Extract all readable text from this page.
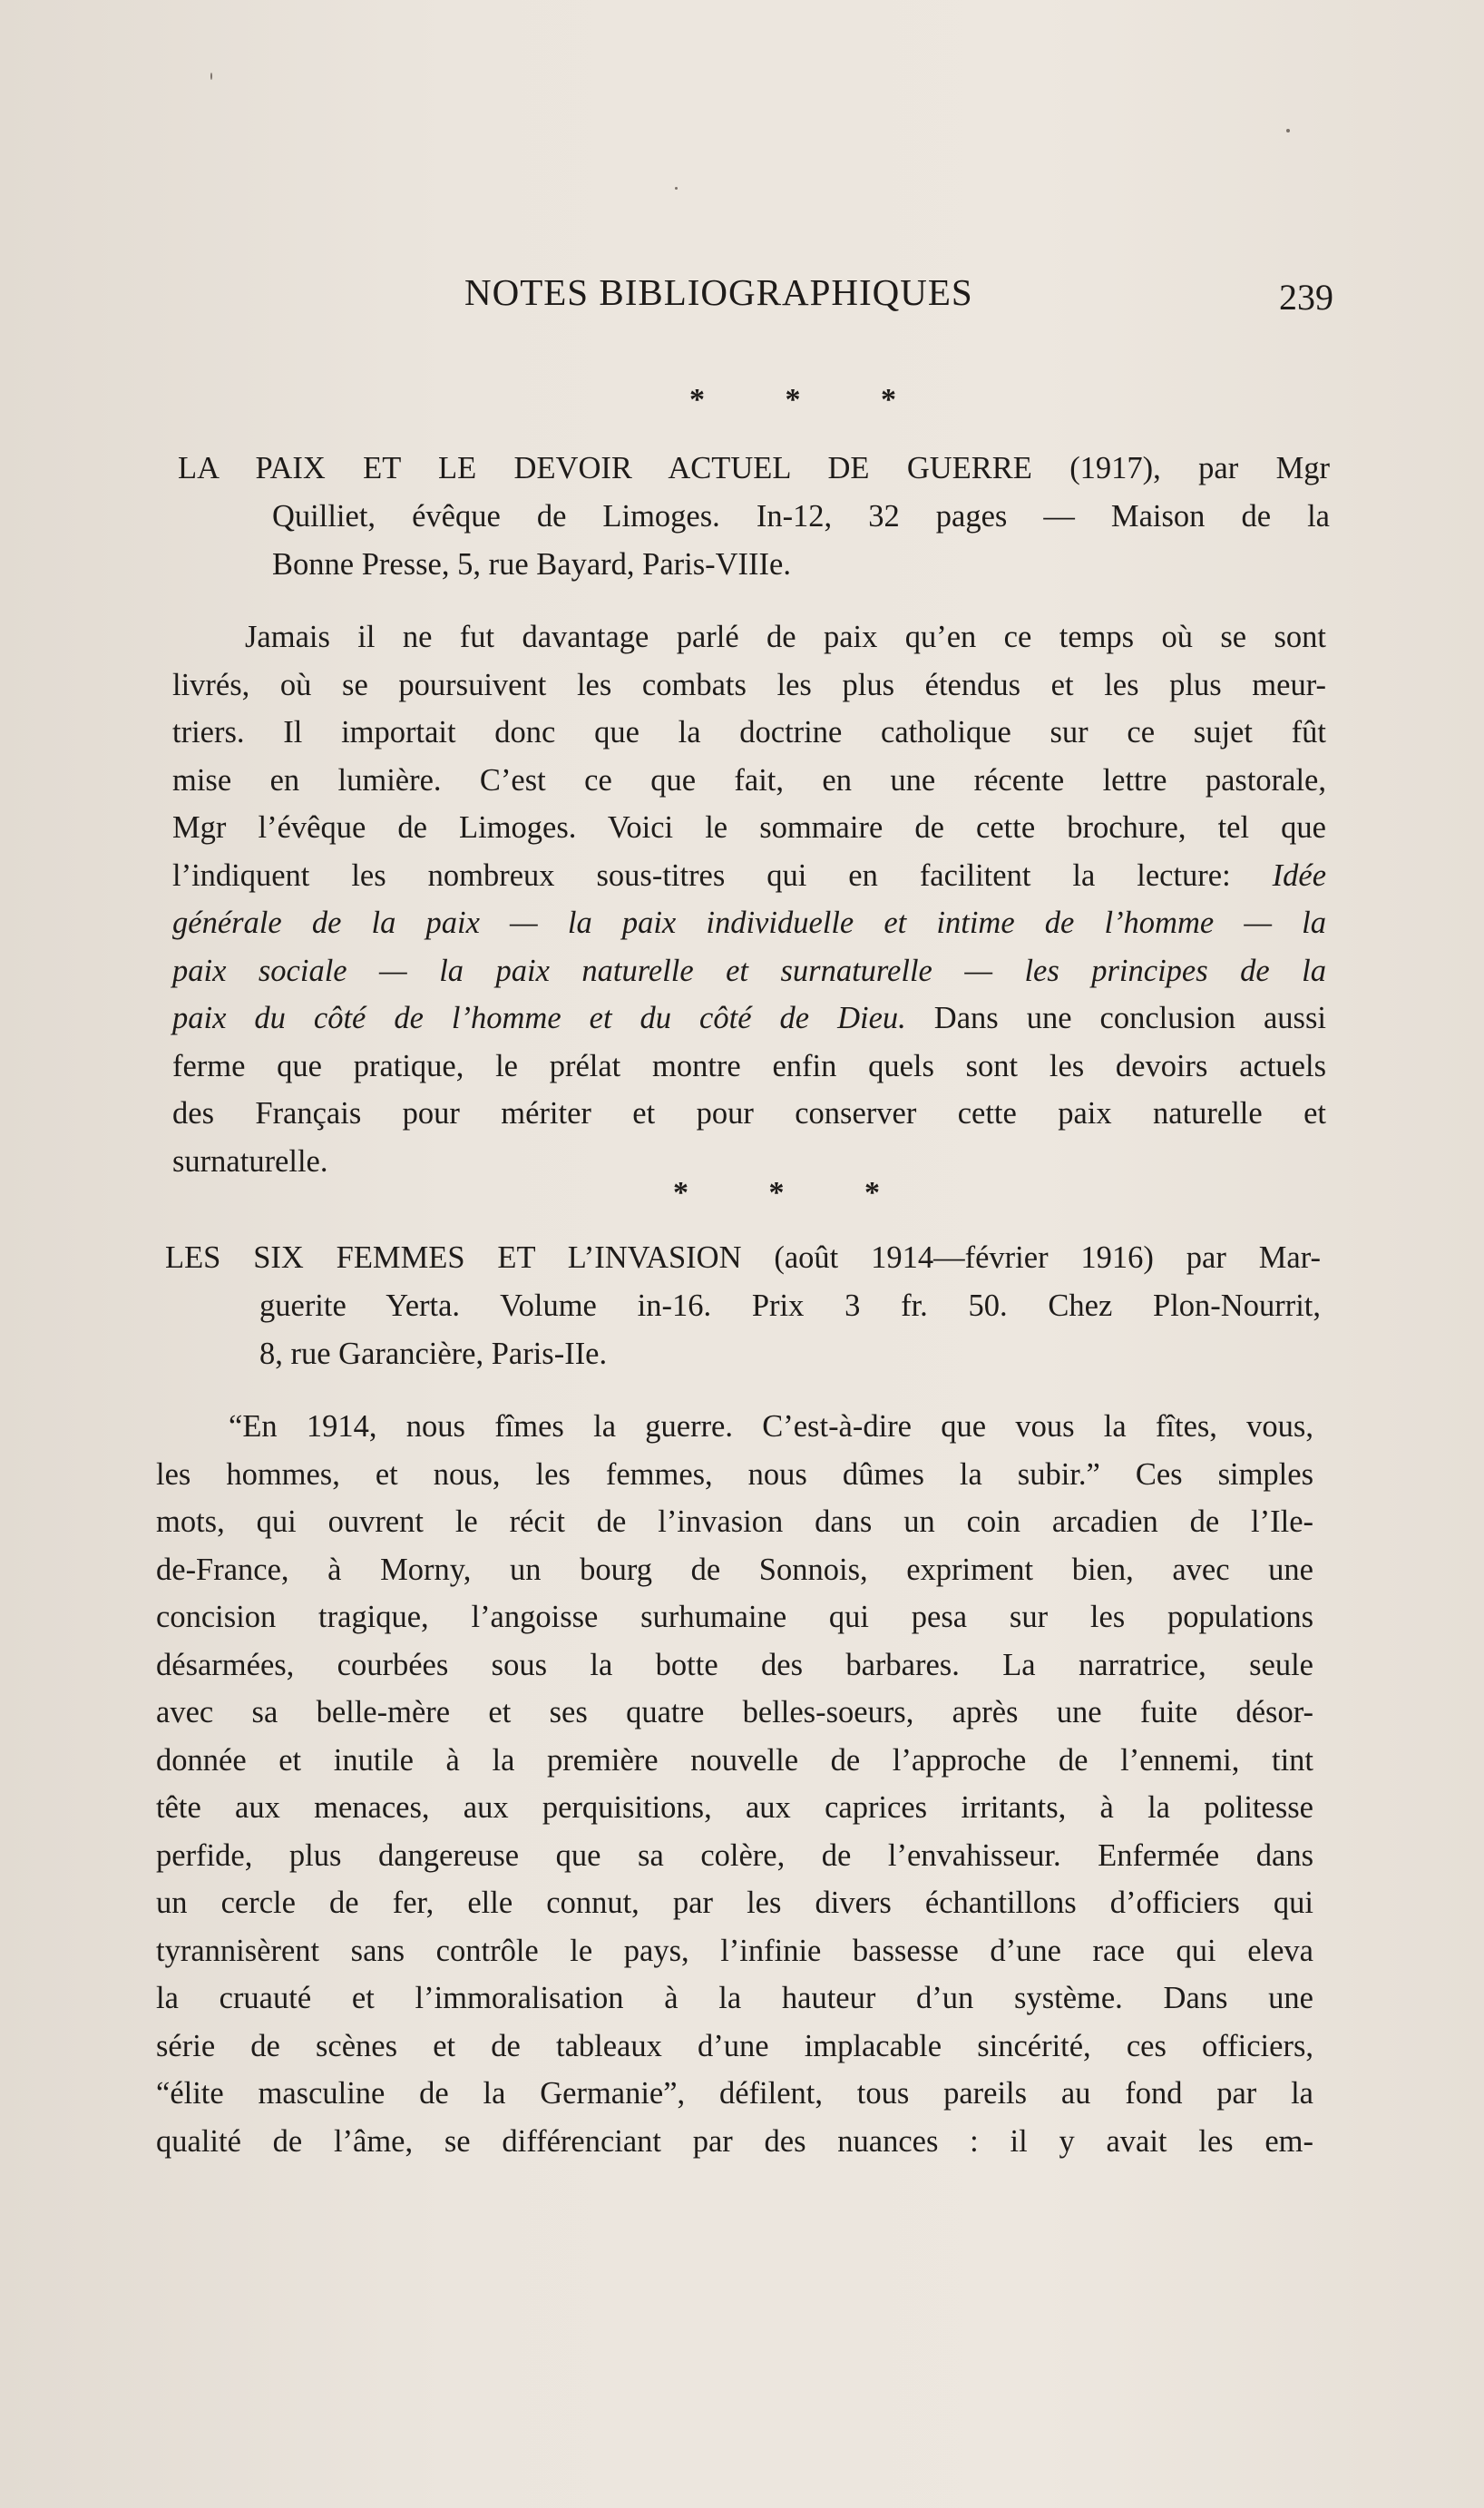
NOTES BIBLIOGRAPHIQUES	239
* * *

LA PAIX ET LE DEVOIR ACTUEL DE GUERRE (1917), par Mgr

Quilliet, évêque de Limoges. In-12, 32 pages — Maison de la

Bonne Presse, 5, rue Bayard, Paris-VIIIe.

Jamais il ne fut davantage parlé de paix qu’en ce temps où se sont

livrés, où se poursuivent les combats les plus étendus et les plus meur-

triers. Il importait donc que la doctrine catholique sur ce sujet fût

mise en lumière. C’est ce que fait, en une récente lettre pastorale,

Mgr l’évêque de Limoges. Voici le sommaire de cette brochure, tel que

l’indiquent les nombreux sous-titres qui en facilitent la lecture: Idée

générale de la paix — la paix individuelle et intime de l’homme — la

paix sociale — la paix naturelle et surnaturelle — les principes de la

paix du côté de l’homme et du côté de Dieu. Dans une conclusion aussi

ferme que pratique, le prélat montre enfin quels sont les devoirs actuels

des Français pour mériter et pour conserver cette paix naturelle et

surnaturelle.

* * *

LES SIX FEMMES ET L’INVASION (août 1914—février 1916) par Mar-

guerite Yerta. Volume in-16. Prix 3 fr. 50. Chez Plon-Nourrit,

8, rue Garancière, Paris-IIe.

“En 1914, nous fîmes la guerre. C’est-à-dire que vous la fîtes, vous,

les hommes, et nous, les femmes, nous dûmes la subir.” Ces simples

mots, qui ouvrent le récit de l’invasion dans un coin arcadien de l’Ile-

de-France, à Morny, un bourg de Sonnois, expriment bien, avec une

concision tragique, l’angoisse surhumaine qui pesa sur les populations

désarmées, courbées sous la botte des barbares. La narratrice, seule

avec sa belle-mère et ses quatre belles-soeurs, après une fuite désor-

donnée et inutile à la première nouvelle de l’approche de l’ennemi, tint

tête aux menaces, aux perquisitions, aux caprices irritants, à la politesse

perfide, plus dangereuse que sa colère, de l’envahisseur. Enfermée dans

un cercle de fer, elle connut, par les divers échantillons d’officiers qui

tyrannisèrent sans contrôle le pays, l’infinie bassesse d’une race qui eleva

la cruauté et l’immoralisation à la hauteur d’un système. Dans une

série de scènes et de tableaux d’une implacable sincérité, ces officiers,

“élite masculine de la Germanie”, défilent, tous pareils au fond par la

qualité de l’âme, se différenciant par des nuances : il y avait les em-
